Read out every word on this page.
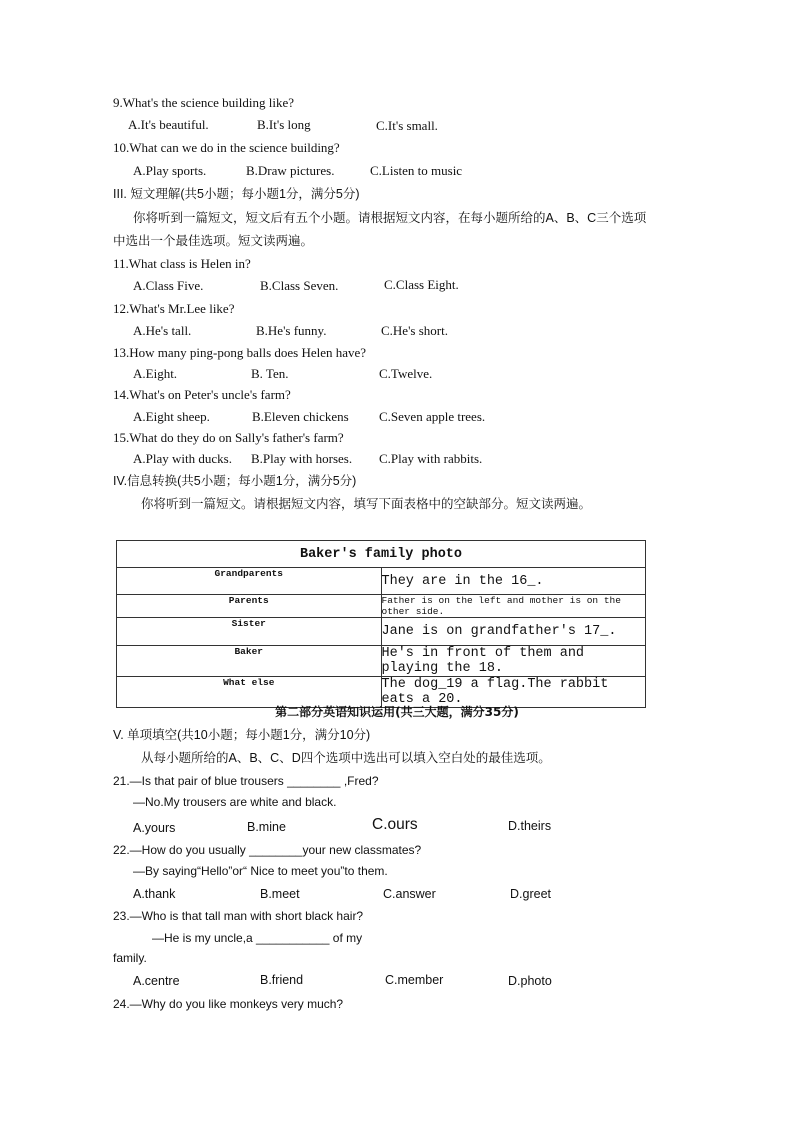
9.What's the science building like?
A.It's beautiful.	B.It's long	C.It's small.
10.What can we do in the science building?
A.Play sports.	B.Draw pictures.	C.Listen to music
III. 短文理解(共5小题；每小题1分，满分5分)
你将听到一篇短文，短文后有五个小题。请根据短文内容，在每小题所给的A、B、C三个选项
中选出一个最佳选项。短文读两遍。
11.What class is Helen in?
A.Class Five.	B.Class Seven.	C.Class Eight.
12.What's Mr.Lee like?
A.He's tall.	B.He's funny.	C.He's short.
13.How many ping-pong balls does Helen have?
A.Eight.	B. Ten.	C.Twelve.
14.What's on Peter's uncle's farm?
A.Eight sheep.	B.Eleven chickens C.Seven apple trees.
15.What do they do on Sally's father's farm?
A.Play with ducks. B.Play with horses. C.Play with rabbits.
IV.信息转换(共5小题；每小题1分，满分5分)
你将听到一篇短文。请根据短文内容，填写下面表格中的空缺部分。短文读两遍。
Baker's family photo	
Grandparents	They are in the 16_.
Parents	Father is on the left and mother is on the other side.
Sister	Jane is on grandfather's 17_.
Baker	He's in front of them and playing the 18.
What else	The dog_19 a flag.The rabbit eats a 20.
第二部分英语知识运用(共三大题，满分35分)
V. 单项填空(共10小题；每小题1分，满分10分)
从每小题所给的A、B、C、D四个选项中选出可以填入空白处的最佳选项。
21.—Is that pair of blue trousers ________ ,Fred?
—No.My trousers are white and black.
A.yours	B.mine	C.ours	D.theirs
22.—How do you usually ________your new classmates?
—By saying“Hello”or“ Nice to meet you”to them.
A.thank	B.meet	C.answer	D.greet
23.—Who is that tall man with short black hair?
—He is my uncle,a ___________ of my
family.
A.centre	B.friend	C.member	D.photo
24.—Why do you like monkeys very much?
